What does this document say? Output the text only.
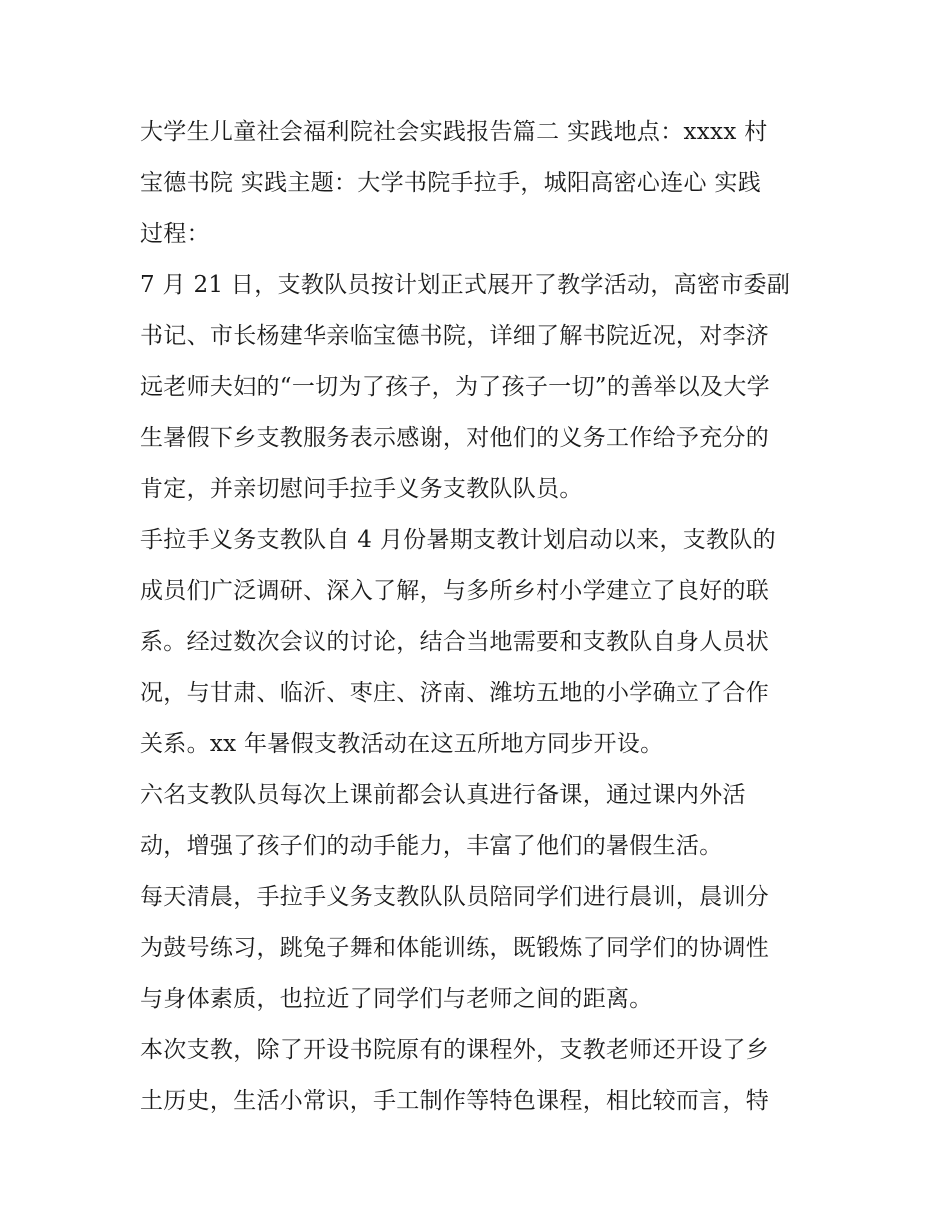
大学生儿童社会福利院社会实践报告篇二 实践地点：xxxx 村
宝德书院 实践主题：大学书院手拉手，城阳高密心连心 实践
过程：

7 月 21 日，支教队员按计划正式展开了教学活动，高密市委副
书记、市长杨建华亲临宝德书院，详细了解书院近况，对李济
远老师夫妇的“一切为了孩子，为了孩子一切”的善举以及大学
生暑假下乡支教服务表示感谢，对他们的义务工作给予充分的
肯定，并亲切慰问手拉手义务支教队队员。

手拉手义务支教队自 4 月份暑期支教计划启动以来，支教队的
成员们广泛调研、深入了解，与多所乡村小学建立了良好的联
系。经过数次会议的讨论，结合当地需要和支教队自身人员状
况，与甘肃、临沂、枣庄、济南、潍坊五地的小学确立了合作
关系。xx 年暑假支教活动在这五所地方同步开设。

六名支教队员每次上课前都会认真进行备课，通过课内外活
动，增强了孩子们的动手能力，丰富了他们的暑假生活。

每天清晨，手拉手义务支教队队员陪同学们进行晨训，晨训分
为鼓号练习，跳兔子舞和体能训练，既锻炼了同学们的协调性
与身体素质，也拉近了同学们与老师之间的距离。

本次支教，除了开设书院原有的课程外，支教老师还开设了乡
土历史，生活小常识，手工制作等特色课程，相比较而言，特
